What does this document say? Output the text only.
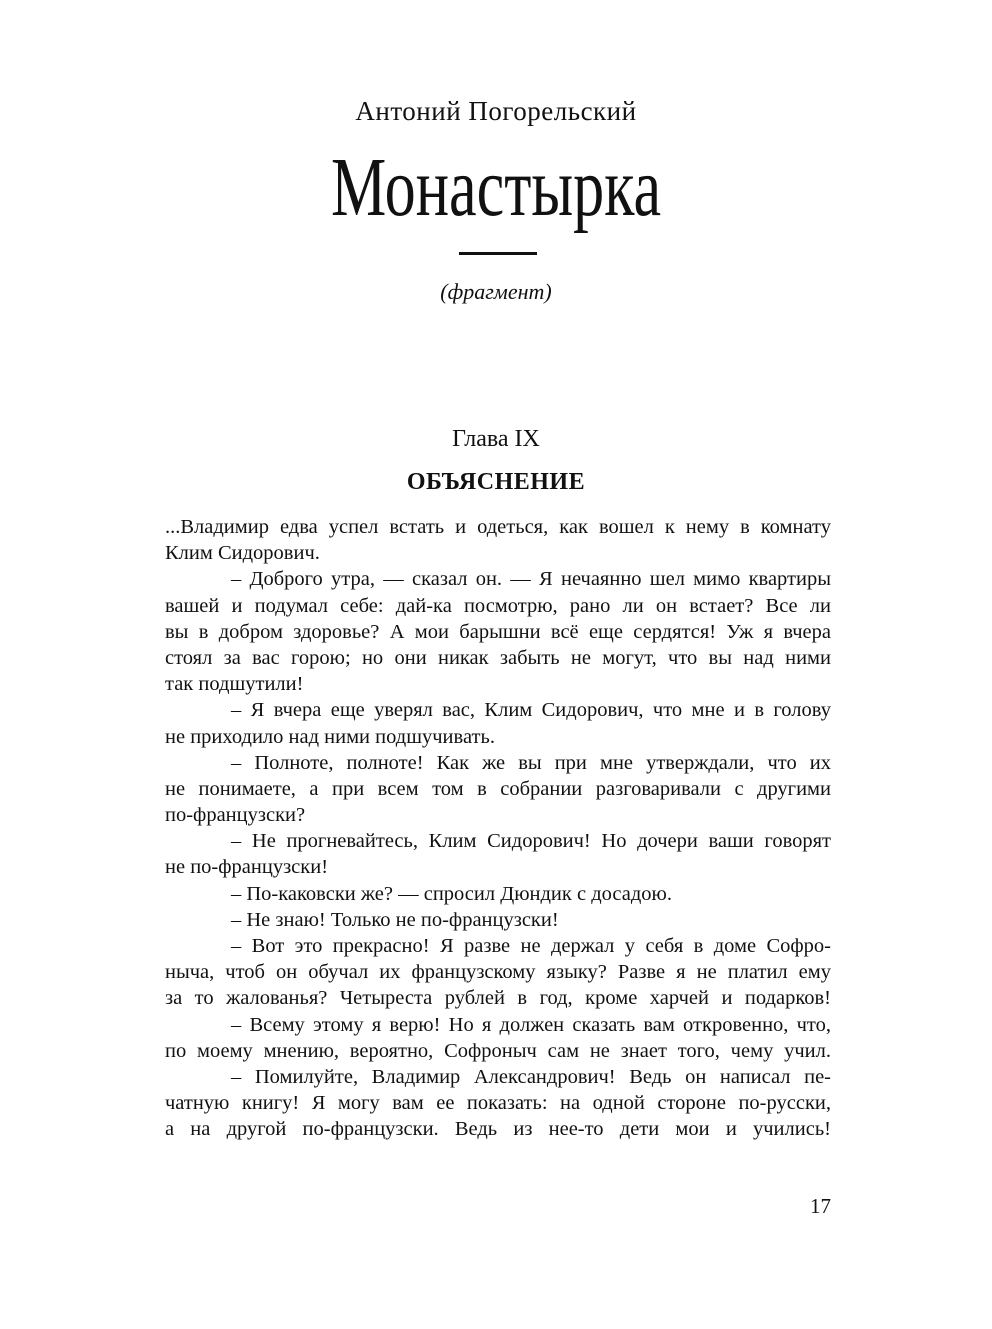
Антоний Погорельский
Монастырка
(фрагмент)
Глава IX
ОБЪЯСНЕНИЕ
...Владимир едва успел встать и одеться, как вошел к нему в комнату
Клим Сидорович.
– Доброго утра, — сказал он. — Я нечаянно шел мимо квартиры
вашей и подумал себе: дай-ка посмотрю, рано ли он встает? Все ли
вы в добром здоровье? А мои барышни всё еще сердятся! Уж я вчера
стоял за вас горою; но они никак забыть не могут, что вы над ними
так подшутили!
– Я вчера еще уверял вас, Клим Сидорович, что мне и в голову
не приходило над ними подшучивать.
– Полноте, полноте! Как же вы при мне утверждали, что их
не понимаете, а при всем том в собрании разговаривали с другими
по-французски?
– Не прогневайтесь, Клим Сидорович! Но дочери ваши говорят
не по-французски!
– По-каковски же? — спросил Дюндик с досадою.
– Не знаю! Только не по-французски!
– Вот это прекрасно! Я разве не держал у себя в доме Софро-
ныча, чтоб он обучал их французскому языку? Разве я не платил ему
за то жалованья? Четыреста рублей в год, кроме харчей и подарков!
– Всему этому я верю! Но я должен сказать вам откровенно, что,
по моему мнению, вероятно, Софроныч сам не знает того, чему учил.
– Помилуйте, Владимир Александрович! Ведь он написал пе-
чатную книгу! Я могу вам ее показать: на одной стороне по-русски,
а на другой по-французски. Ведь из нее-то дети мои и учились!
17
